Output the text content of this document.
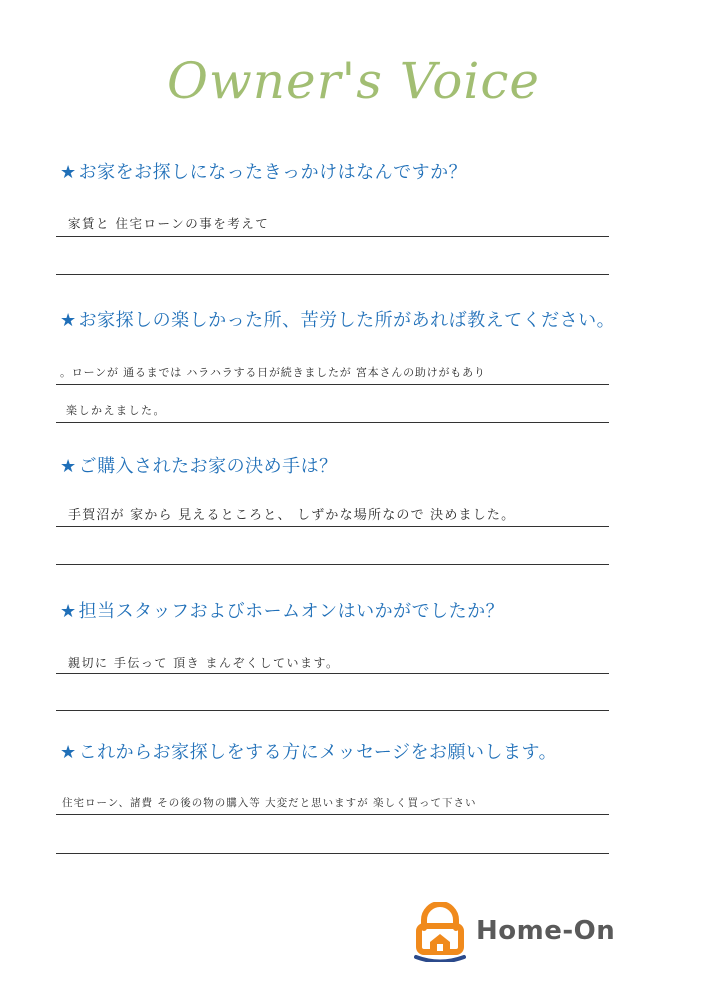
Owner's Voice
★ お家をお探しになったきっかけはなんですか？
家賃と 住宅ローンの事を考えて
★ お家探しの楽しかった所、苦労した所があれば教えてください。
。ローンが 通るまでは ハラハラする日が続きましたが 宮本さんの助けがもあり
楽しかえました。
★ ご購入されたお家の決め手は？
手賀沼が 家から 見えるところと、 しずかな場所なので 決めました。
★ 担当スタッフおよびホームオンはいかがでしたか？
親切に 手伝って 頂き まんぞくしています。
★ これからお家探しをする方にメッセージをお願いします。
住宅ローン、諸費 その後の物の購入等 大変だと思いますが 楽しく買って下さい
Home-On
